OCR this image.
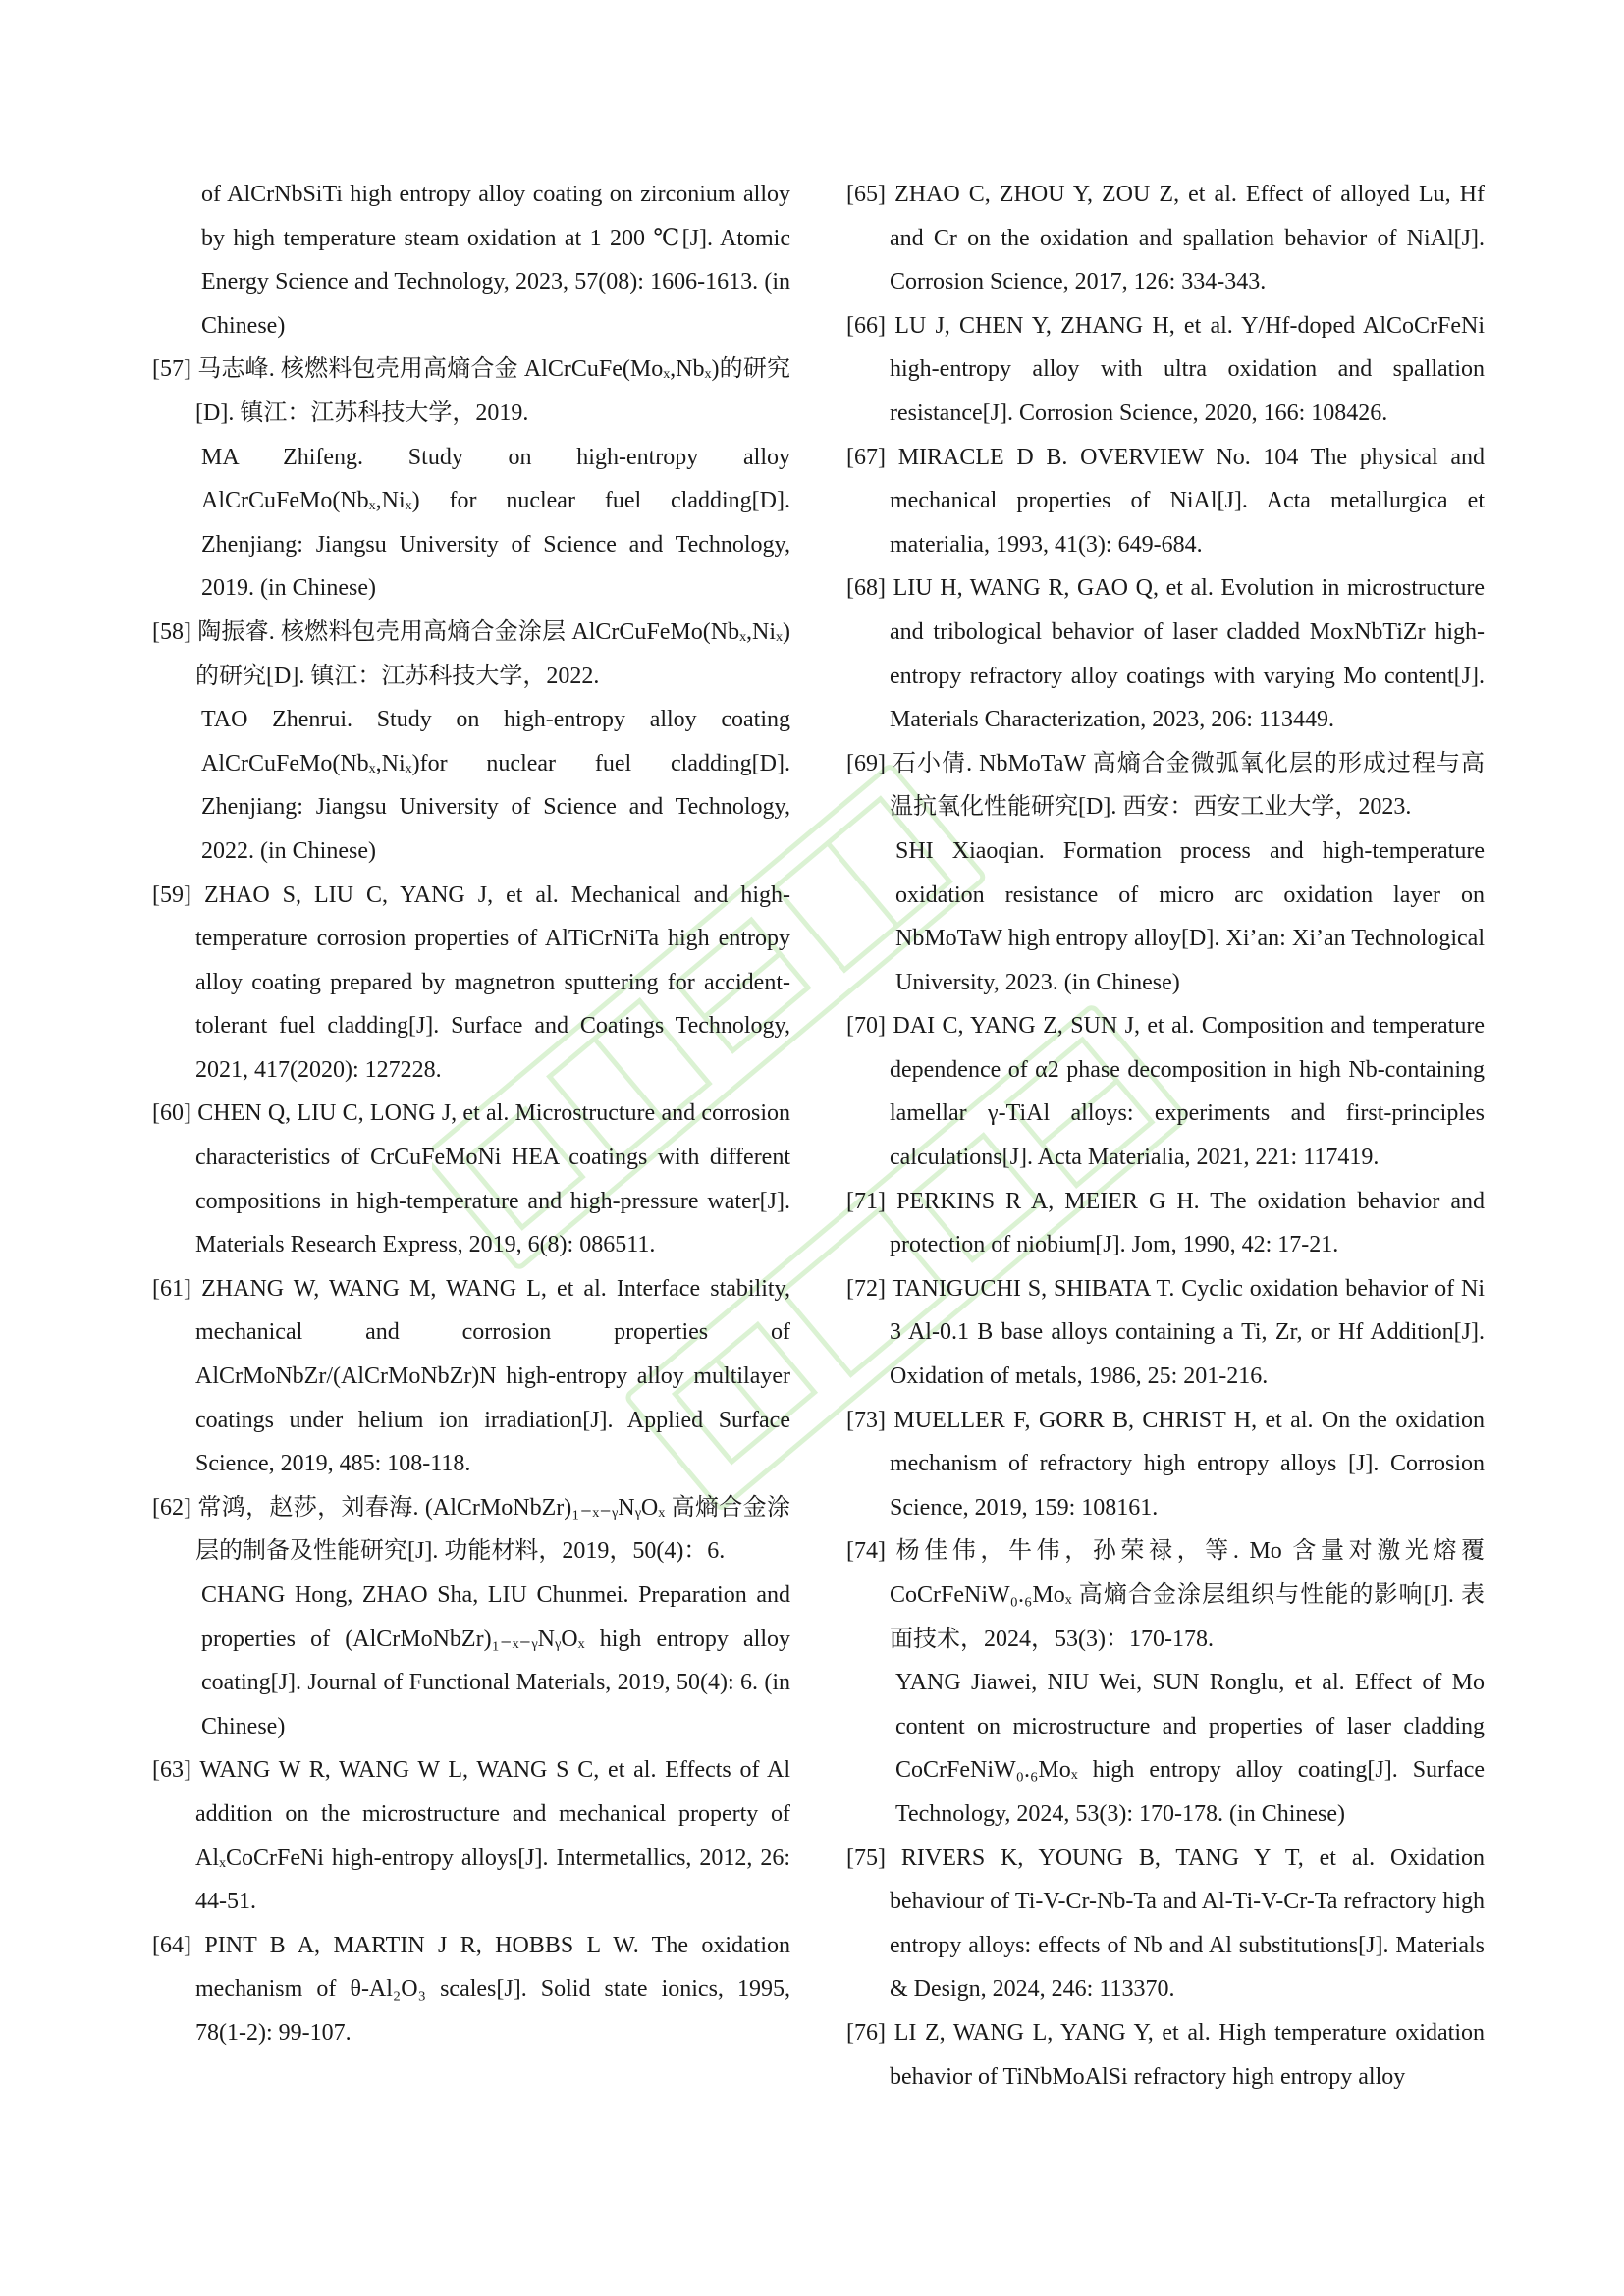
of AlCrNbSiTi high entropy alloy coating on zirconium alloy by high temperature steam oxidation at 1 200 ℃[J]. Atomic Energy Science and Technology, 2023, 57(08): 1606-1613. (in Chinese)

[57] 马志峰. 核燃料包壳用高熵合金 AlCrCuFe(Moₓ,Nbₓ)的研究[D]. 镇江：江苏科技大学，2019.

MA Zhifeng. Study on high-entropy alloy AlCrCuFeMo(Nbₓ,Niₓ) for nuclear fuel cladding[D]. Zhenjiang: Jiangsu University of Science and Technology, 2019. (in Chinese)

[58] 陶振睿. 核燃料包壳用高熵合金涂层 AlCrCuFeMo(Nbₓ,Niₓ)的研究[D]. 镇江：江苏科技大学，2022.

TAO Zhenrui. Study on high-entropy alloy coating AlCrCuFeMo(Nbₓ,Niₓ)for nuclear fuel cladding[D]. Zhenjiang: Jiangsu University of Science and Technology, 2022. (in Chinese)

[59] ZHAO S, LIU C, YANG J, et al. Mechanical and high-temperature corrosion properties of AlTiCrNiTa high entropy alloy coating prepared by magnetron sputtering for accident-tolerant fuel cladding[J]. Surface and Coatings Technology, 2021, 417(2020): 127228.

[60] CHEN Q, LIU C, LONG J, et al. Microstructure and corrosion characteristics of CrCuFeMoNi HEA coatings with different compositions in high-temperature and high-pressure water[J]. Materials Research Express, 2019, 6(8): 086511.

[61] ZHANG W, WANG M, WANG L, et al. Interface stability, mechanical and corrosion properties of AlCrMoNbZr/(AlCrMoNbZr)N high-entropy alloy multilayer coatings under helium ion irradiation[J]. Applied Surface Science, 2019, 485: 108-118.

[62] 常鸿，赵莎，刘春海. (AlCrMoNbZr)₁₋ₓ₋ᵧNᵧOₓ 高熵合金涂层的制备及性能研究[J]. 功能材料，2019，50(4)：6.

CHANG Hong, ZHAO Sha, LIU Chunmei. Preparation and properties of (AlCrMoNbZr)₁₋ₓ₋ᵧNᵧOₓ high entropy alloy coating[J]. Journal of Functional Materials, 2019, 50(4): 6. (in Chinese)

[63] WANG W R, WANG W L, WANG S C, et al. Effects of Al addition on the microstructure and mechanical property of AlₓCoCrFeNi high-entropy alloys[J]. Intermetallics, 2012, 26: 44-51.

[64] PINT B A, MARTIN J R, HOBBS L W. The oxidation mechanism of θ-Al₂O₃ scales[J]. Solid state ionics, 1995, 78(1-2): 99-107.

[65] ZHAO C, ZHOU Y, ZOU Z, et al. Effect of alloyed Lu, Hf and Cr on the oxidation and spallation behavior of NiAl[J]. Corrosion Science, 2017, 126: 334-343.

[66] LU J, CHEN Y, ZHANG H, et al. Y/Hf-doped AlCoCrFeNi high-entropy alloy with ultra oxidation and spallation resistance[J]. Corrosion Science, 2020, 166: 108426.

[67] MIRACLE D B. OVERVIEW No. 104 The physical and mechanical properties of NiAl[J]. Acta metallurgica et materialia, 1993, 41(3): 649-684.

[68] LIU H, WANG R, GAO Q, et al. Evolution in microstructure and tribological behavior of laser cladded MoxNbTiZr high-entropy refractory alloy coatings with varying Mo content[J]. Materials Characterization, 2023, 206: 113449.

[69] 石小倩. NbMoTaW 高熵合金微弧氧化层的形成过程与高温抗氧化性能研究[D]. 西安：西安工业大学，2023.

SHI Xiaoqian. Formation process and high-temperature oxidation resistance of micro arc oxidation layer on NbMoTaW high entropy alloy[D]. Xi’an: Xi’an Technological University, 2023. (in Chinese)

[70] DAI C, YANG Z, SUN J, et al. Composition and temperature dependence of α2 phase decomposition in high Nb-containing lamellar γ-TiAl alloys: experiments and first-principles calculations[J]. Acta Materialia, 2021, 221: 117419.

[71] PERKINS R A, MEIER G H. The oxidation behavior and protection of niobium[J]. Jom, 1990, 42: 17-21.

[72] TANIGUCHI S, SHIBATA T. Cyclic oxidation behavior of Ni 3 Al-0.1 B base alloys containing a Ti, Zr, or Hf Addition[J]. Oxidation of metals, 1986, 25: 201-216.

[73] MUELLER F, GORR B, CHRIST H, et al. On the oxidation mechanism of refractory high entropy alloys [J]. Corrosion Science, 2019, 159: 108161.

[74] 杨佳伟，牛伟，孙荣禄，等. Mo 含量对激光熔覆 CoCrFeNiW₀.₆Moₓ 高熵合金涂层组织与性能的影响[J]. 表面技术，2024，53(3)：170-178.

YANG Jiawei, NIU Wei, SUN Ronglu, et al. Effect of Mo content on microstructure and properties of laser cladding CoCrFeNiW₀.₆Moₓ high entropy alloy coating[J]. Surface Technology, 2024, 53(3): 170-178. (in Chinese)

[75] RIVERS K, YOUNG B, TANG Y T, et al. Oxidation behaviour of Ti-V-Cr-Nb-Ta and Al-Ti-V-Cr-Ta refractory high entropy alloys: effects of Nb and Al substitutions[J]. Materials & Design, 2024, 246: 113370.

[76] LI Z, WANG L, YANG Y, et al. High temperature oxidation behavior of TiNbMoAlSi refractory high entropy alloy
